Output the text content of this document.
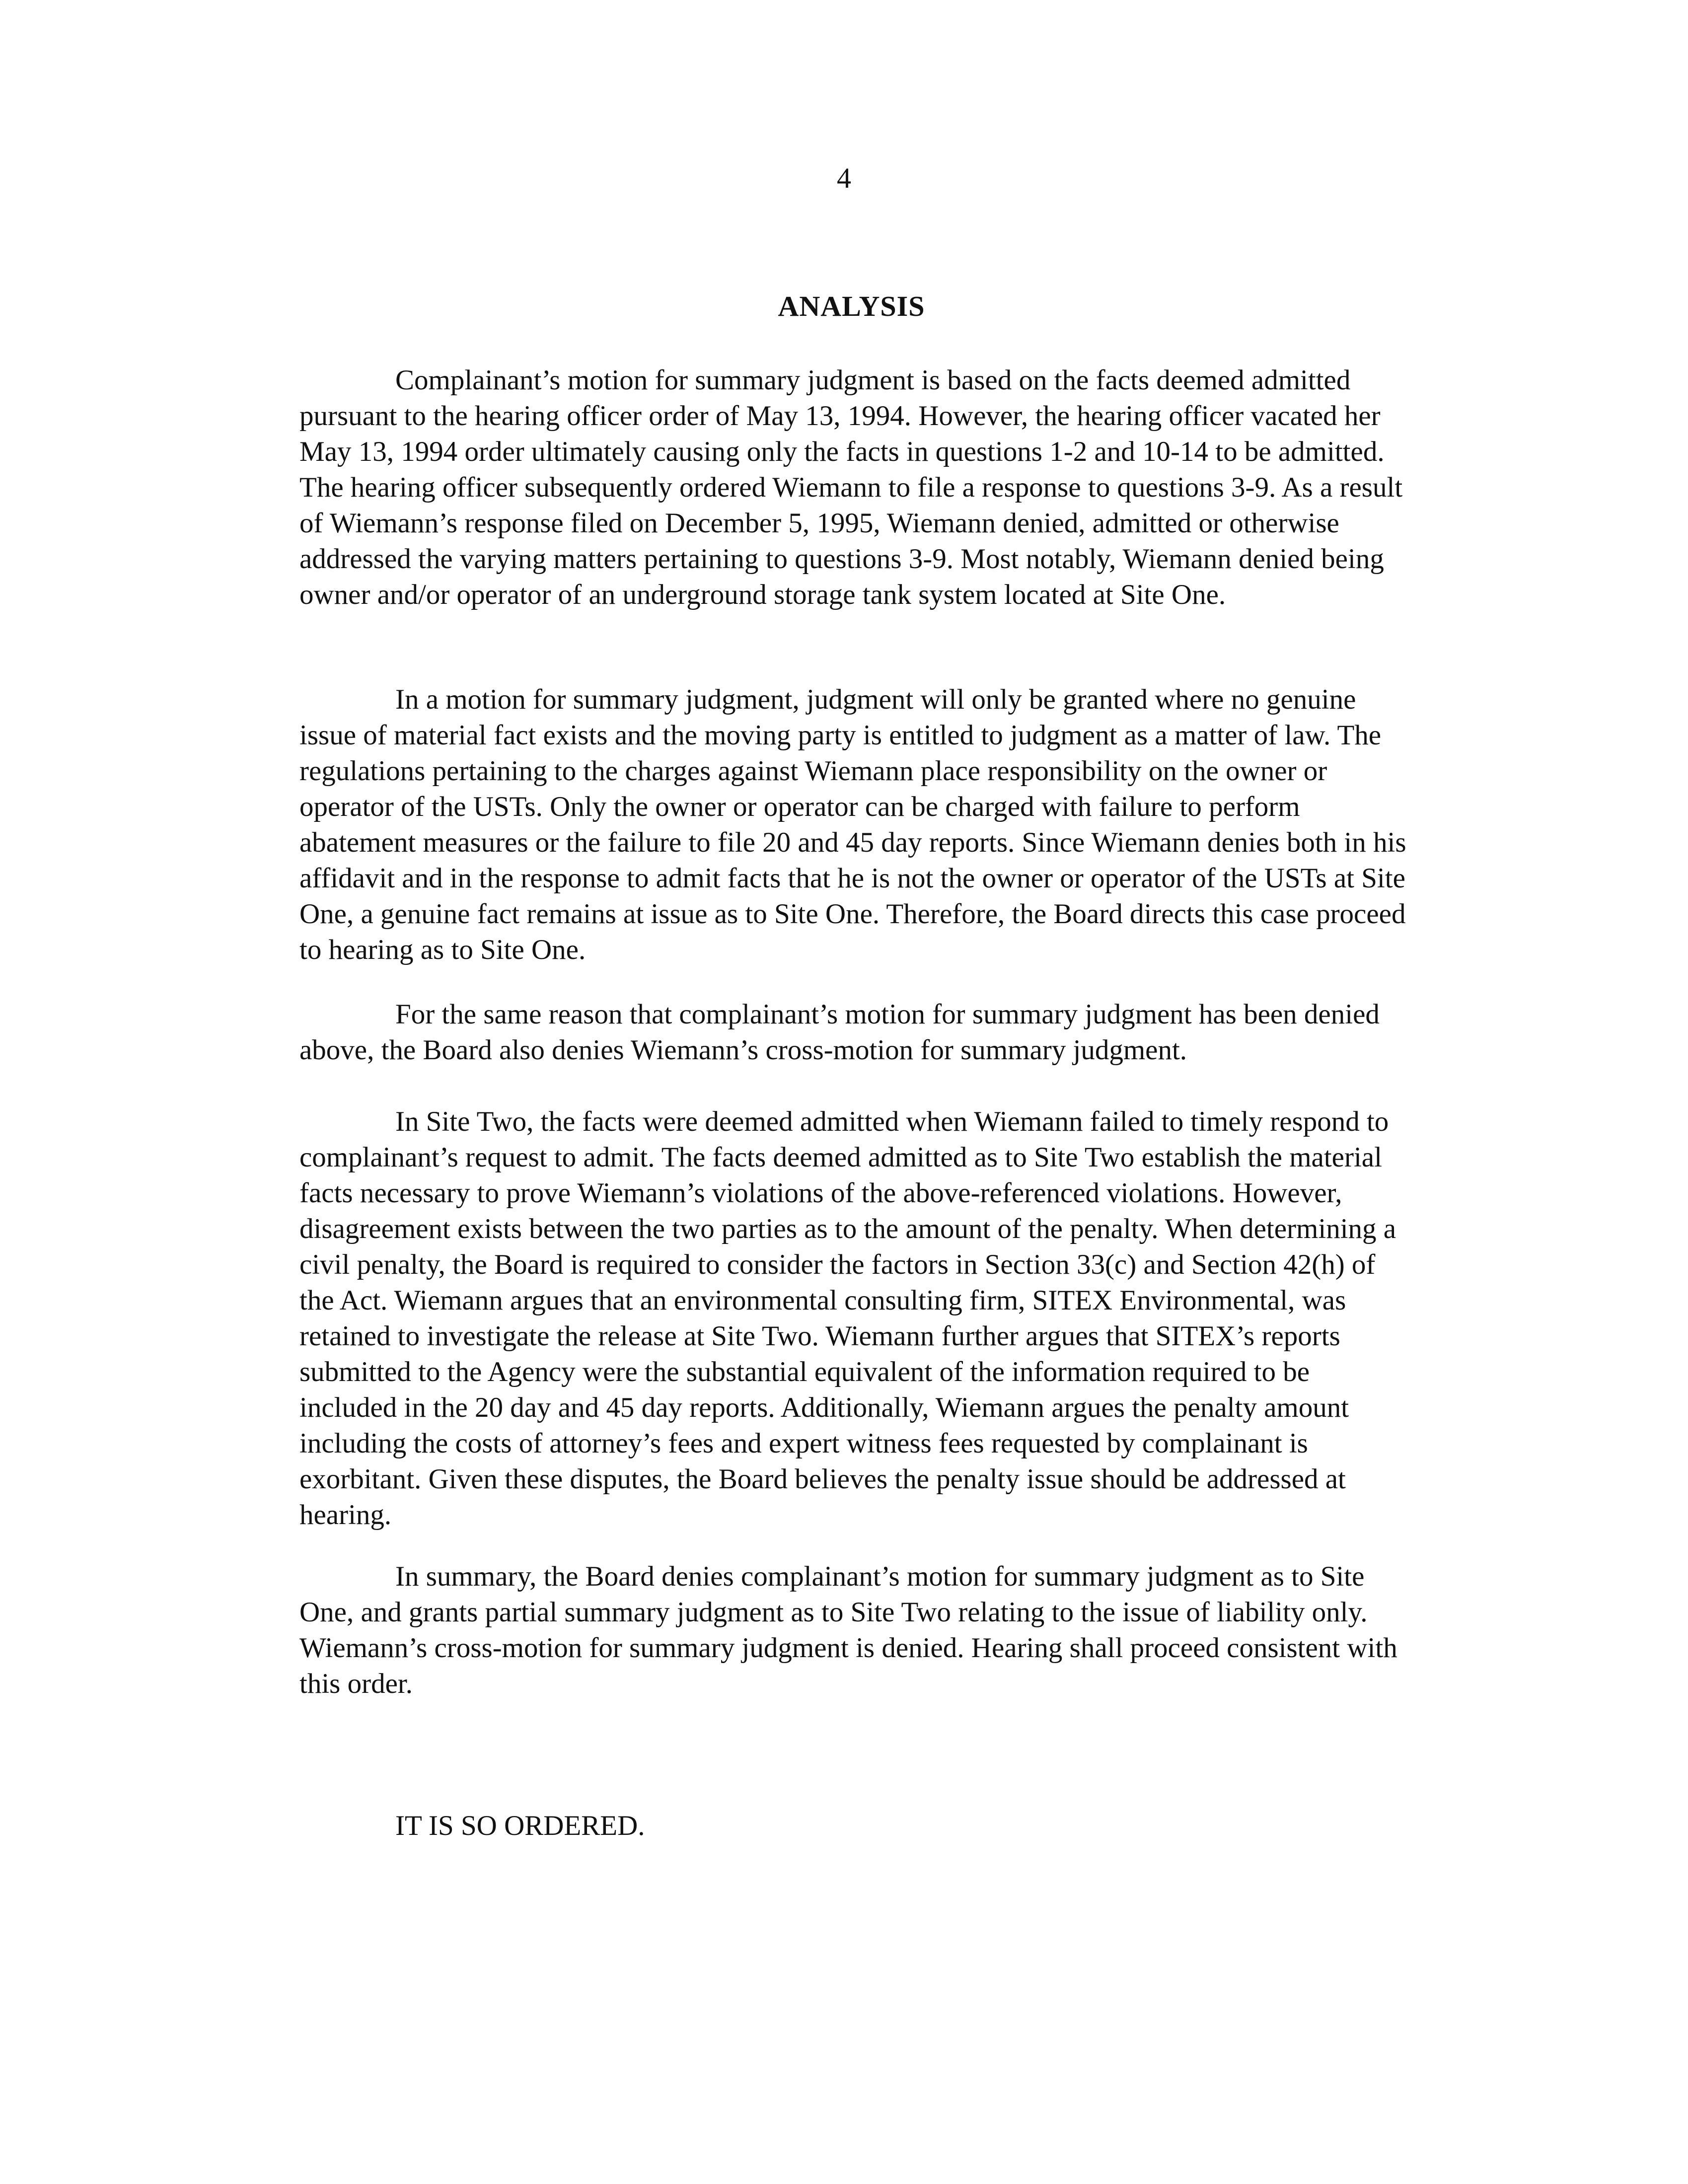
4
ANALYSIS

Complainant’s motion for summary judgment is based on the facts deemed admitted pursuant to the hearing officer order of May 13, 1994. However, the hearing officer vacated her May 13, 1994 order ultimately causing only the facts in questions 1-2 and 10-14 to be admitted. The hearing officer subsequently ordered Wiemann to file a response to questions 3-9. As a result of Wiemann’s response filed on December 5, 1995, Wiemann denied, admitted or otherwise addressed the varying matters pertaining to questions 3-9. Most notably, Wiemann denied being owner and/or operator of an underground storage tank system located at Site One.

In a motion for summary judgment, judgment will only be granted where no genuine issue of material fact exists and the moving party is entitled to judgment as a matter of law. The regulations pertaining to the charges against Wiemann place responsibility on the owner or operator of the USTs. Only the owner or operator can be charged with failure to perform abatement measures or the failure to file 20 and 45 day reports. Since Wiemann denies both in his affidavit and in the response to admit facts that he is not the owner or operator of the USTs at Site One, a genuine fact remains at issue as to Site One. Therefore, the Board directs this case proceed to hearing as to Site One.

For the same reason that complainant’s motion for summary judgment has been denied above, the Board also denies Wiemann’s cross-motion for summary judgment.

In Site Two, the facts were deemed admitted when Wiemann failed to timely respond to complainant’s request to admit. The facts deemed admitted as to Site Two establish the material facts necessary to prove Wiemann’s violations of the above-referenced violations. However, disagreement exists between the two parties as to the amount of the penalty. When determining a civil penalty, the Board is required to consider the factors in Section 33(c) and Section 42(h) of the Act. Wiemann argues that an environmental consulting firm, SITEX Environmental, was retained to investigate the release at Site Two. Wiemann further argues that SITEX’s reports submitted to the Agency were the substantial equivalent of the information required to be included in the 20 day and 45 day reports. Additionally, Wiemann argues the penalty amount including the costs of attorney’s fees and expert witness fees requested by complainant is exorbitant. Given these disputes, the Board believes the penalty issue should be addressed at hearing.

In summary, the Board denies complainant’s motion for summary judgment as to Site One, and grants partial summary judgment as to Site Two relating to the issue of liability only. Wiemann’s cross-motion for summary judgment is denied. Hearing shall proceed consistent with this order.

IT IS SO ORDERED.
